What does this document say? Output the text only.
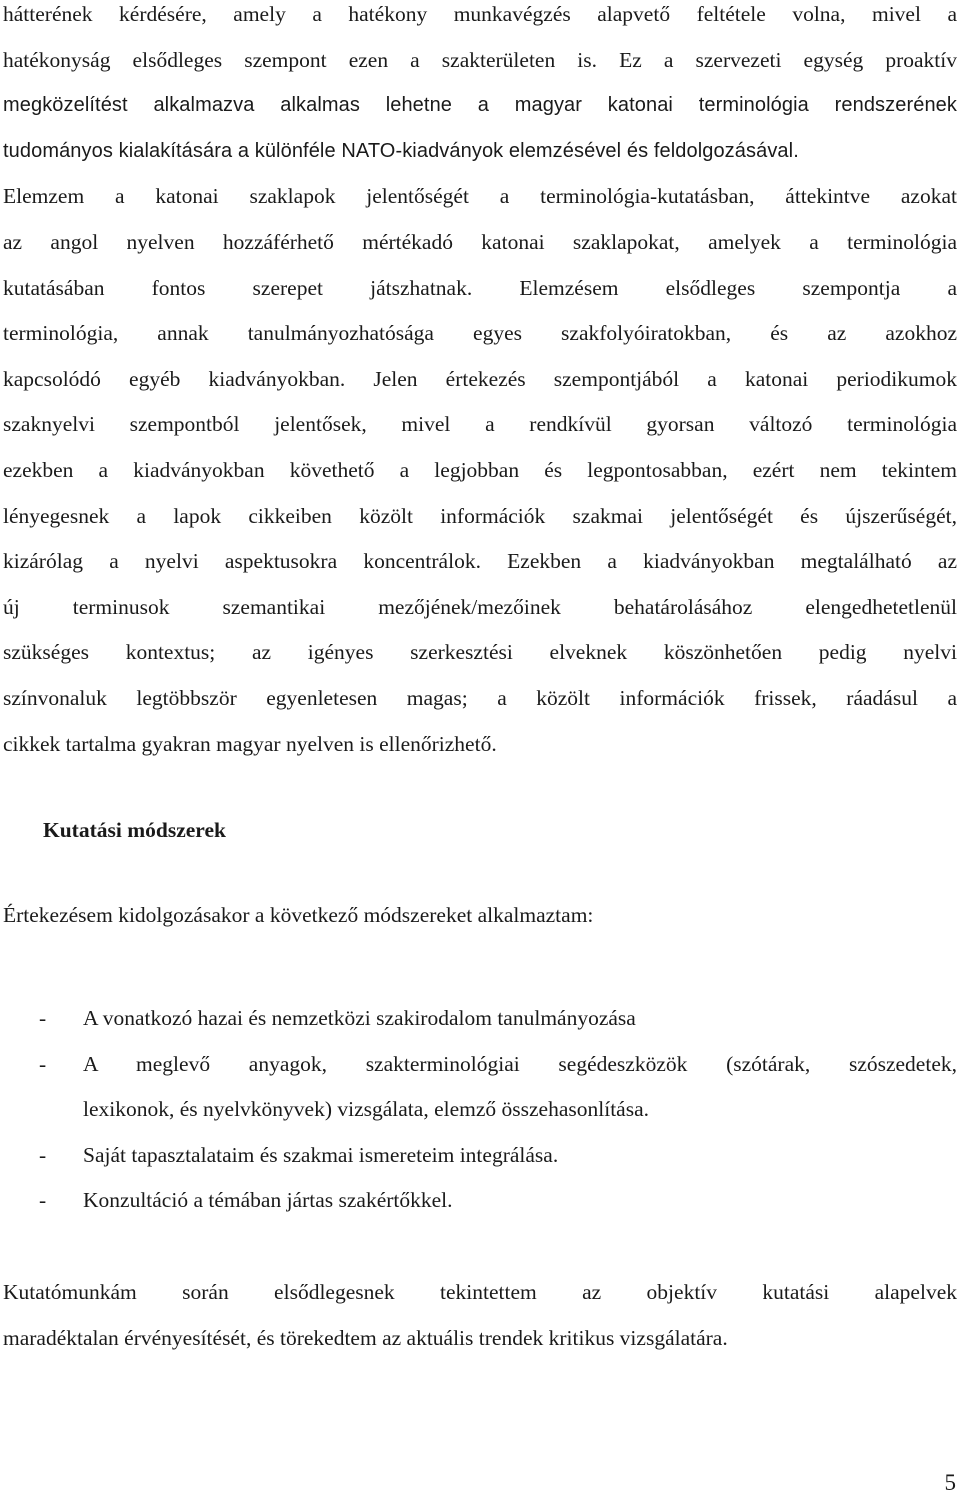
hátterének kérdésére, amely a hatékony munkavégzés alapvető feltétele volna, mivel a
hatékonyság elsődleges szempont ezen a szakterületen is. Ez a szervezeti egység proaktív
megközelítést alkalmazva alkalmas lehetne a magyar katonai terminológia rendszerének
tudományos kialakítására a különféle NATO-kiadványok elemzésével és feldolgozásával.
Elemzem a katonai szaklapok jelentőségét a terminológia-kutatásban, áttekintve azokat
az angol nyelven hozzáférhető mértékadó katonai szaklapokat, amelyek a terminológia
kutatásában fontos szerepet játszhatnak. Elemzésem elsődleges szempontja a
terminológia, annak tanulmányozhatósága egyes szakfolyóiratokban, és az azokhoz
kapcsolódó egyéb kiadványokban. Jelen értekezés szempontjából a katonai periodikumok
szaknyelvi szempontból jelentősek, mivel a rendkívül gyorsan változó terminológia
ezekben a kiadványokban követhető a legjobban és legpontosabban, ezért nem tekintem
lényegesnek a lapok cikkeiben közölt információk szakmai jelentőségét és újszerűségét,
kizárólag a nyelvi aspektusokra koncentrálok. Ezekben a kiadványokban megtalálható az
új terminusok szemantikai mezőjének/mezőinek behatárolásához elengedhetetlenül
szükséges kontextus; az igényes szerkesztési elveknek köszönhetően pedig nyelvi
színvonaluk legtöbbször egyenletesen magas; a közölt információk frissek, ráadásul a
cikkek tartalma gyakran magyar nyelven is ellenőrizhető.

Kutatási módszerek

Értekezésem kidolgozásakor a következő módszereket alkalmaztam:

- A vonatkozó hazai és nemzetközi szakirodalom tanulmányozása
- A meglevő anyagok, szakterminológiai segédeszközök (szótárak, szószedetek,
lexikonok, és nyelvkönyvek) vizsgálata, elemző összehasonlítása.
- Saját tapasztalataim és szakmai ismereteim integrálása.
- Konzultáció a témában jártas szakértőkkel.

Kutatómunkám során elsődlegesnek tekintettem az objektív kutatási alapelvek
maradéktalan érvényesítését, és törekedtem az aktuális trendek kritikus vizsgálatára.

5
